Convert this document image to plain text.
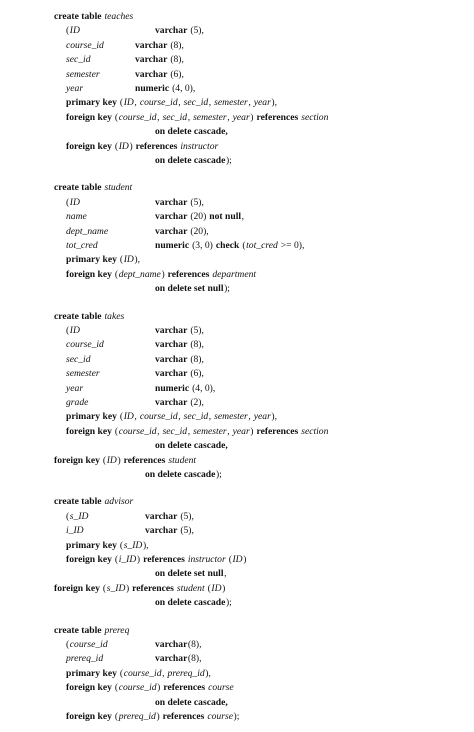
create table teaches
( ID	varchar (5),
course_id	varchar (8),
sec_id	varchar (8),
semester	varchar (6),
year	numeric (4, 0),
primary key ( ID , course_id , sec_id , semester , year ),
foreign key ( course_id , sec_id , semester , year ) references section
on delete cascade,
foreign key ( ID ) references instructor
on delete cascade );
create table student
( ID	varchar (5),
name	varchar (20) not null ,
dept_name	varchar (20),
tot_cred	numeric (3, 0) check ( tot_cred >= 0),
primary key ( ID ),
foreign key ( dept_name ) references department
on delete set null );
create table takes
( ID	varchar (5),
course_id	varchar (8),
sec_id	varchar (8),
semester	varchar (6),
year	numeric (4, 0),
grade	varchar (2),
primary key ( ID , course_id , sec_id , semester , year ),
foreign key ( course_id , sec_id , semester , year ) references section
on delete cascade,
foreign key ( ID ) references student
on delete cascade );
create table advisor
( s_ID	varchar (5),
i_ID	varchar (5),
primary key ( s_ID ),
foreign key ( i_ID ) references instructor ( ID )
on delete set null ,
foreign key ( s_ID ) references student ( ID )
on delete cascade );
create table prereq
( course_id	varchar (8),
prereq_id	varchar (8),
primary key ( course_id , prereq_id ),
foreign key ( course_id ) references course
on delete cascade,
foreign key ( prereq_id ) references course );
